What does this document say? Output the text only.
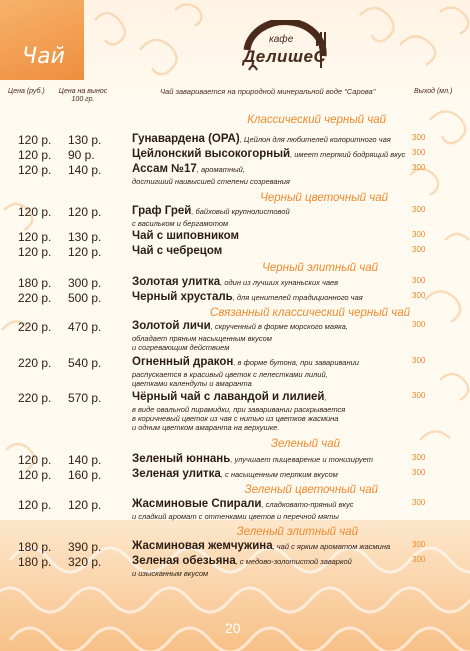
Чай
кафе
ДелишеС
Цена (руб.) Цена на вынос 100 гр.
Чай заваривается на природной минеральной воде "Сарова"	Выход (мл.)
Классический черный чай
Черный цветочный чай
Черный элитный чай
Связанный классический черный чай
Зеленый чай
Зеленый цветочный чай
Зеленый элитный чай
120 р. 130 р.	Гунавардена (ОРА), Цейлон для любителей колоритного чая	300
120 р. 90 р.	Цейлонский высокогорный, имеет терпкий бодрящий вкус 300
120 р. 140 р.	Ассам №17, ароматный,	300
достигший наивысшей степени созревания
120 р. 120 р.	Граф Грей, байховый крупнолистовой	300
с васильком и бергамотом
120 р. 130 р.	Чай с шиповником	300
120 р. 120 р.	Чай с чебрецом	300
180 р. 300 р.	Золотая улитка, один из лучших хунаньских чаев	300
220 р. 500 р.	Черный хрусталь, для ценителей традиционного чая	300
220 р. 470 р.	Золотой личи, скрученный в форме морского маяка,	300
обладает пряным насыщенным вкусом
и согревающим действием
220 р. 540 р.	Огненный дракон, в форме бутона, при заваривании	300
распускается в красивый цветок с лепестками лилий,
цветками календулы и амаранта
220 р. 570 р.	Чёрный чай с лавандой и лилией,	300
в виде овальной пирамидки, при заваривании раскрывается
в коричневый цветок из чая с нитью из цветков жасмина
и одним цветком амаранта на верхушке.
120 р. 140 р.	Зеленый юннань, улучшает пищеварение и тонизирует	300
120 р. 160 р.	Зеленая улитка, с насыщенным терпким вкусом	300
120 р. 120 р.	Жасминовые Спирали, сладковато-пряный вкус	300
и сладкий аромат с оттенками цветов и перечной мяты
180 р. 390 р.	Жасминовая жемчужина, чай с ярким ароматом жасмина	300
180 р. 320 р.	Зеленая обезьяна, с медово-золотистой заваркой	300
и изысканным вкусом
20
